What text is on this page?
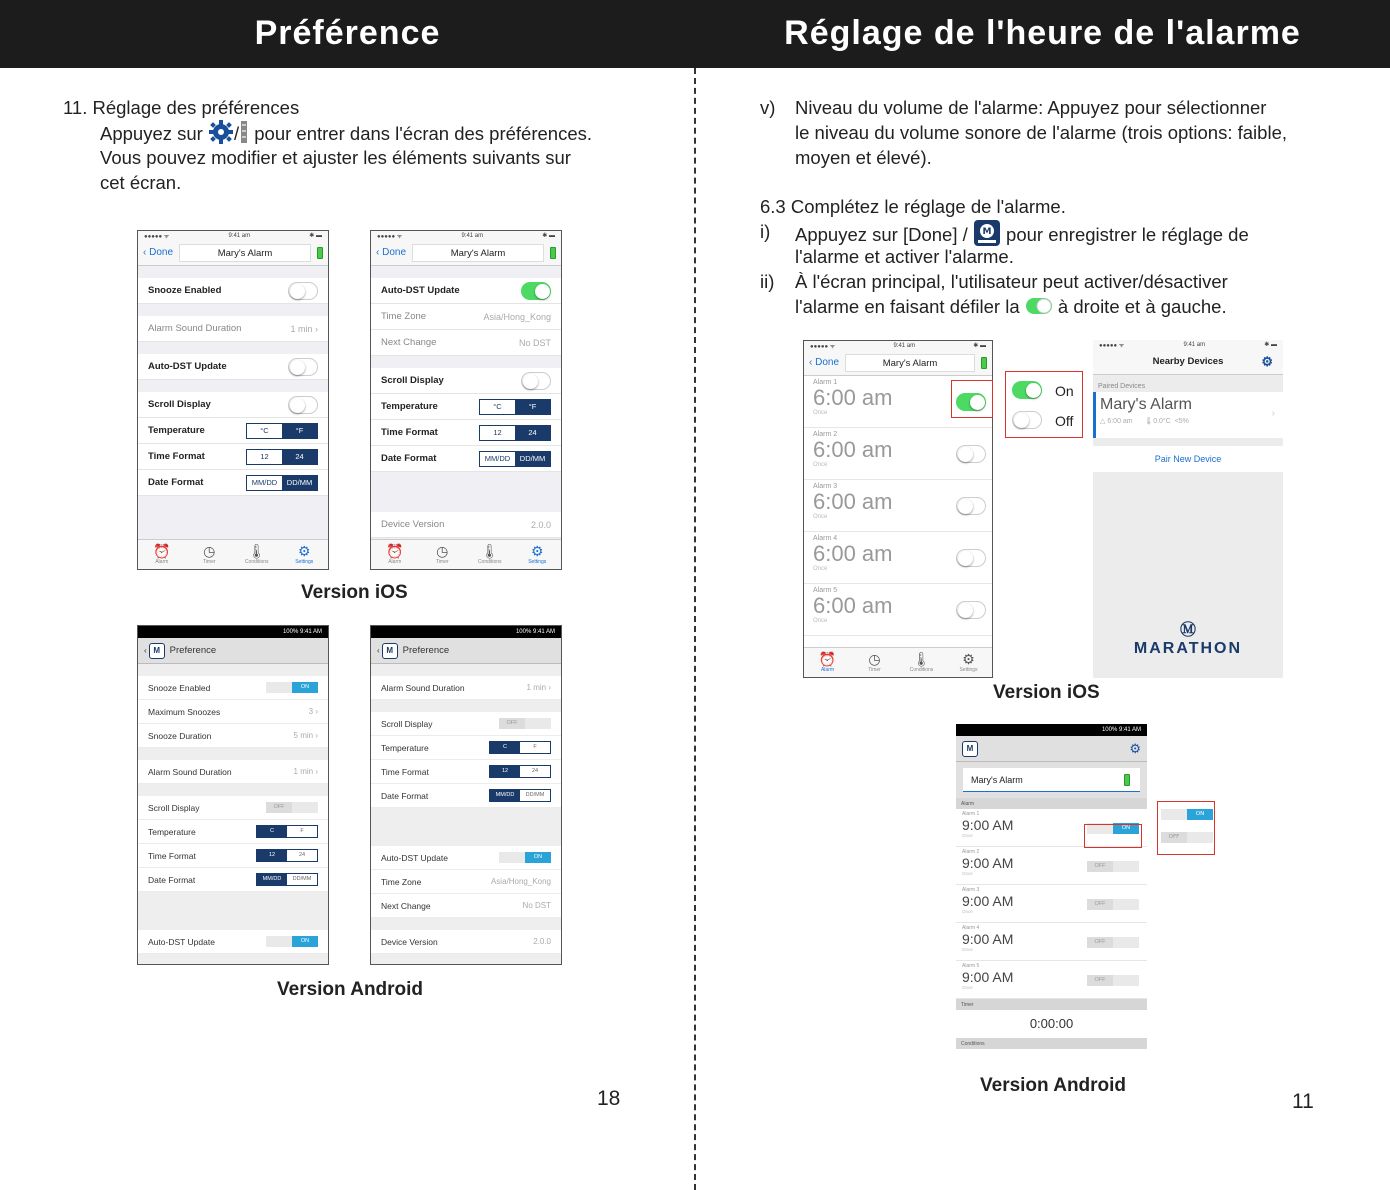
Préférence	Réglage de l'heure de l'alarme
11. Réglage des préférences
Appuyez sur / pour entrer dans l'écran des préférences.
Vous pouvez modifier et ajuster les éléments suivants sur
cet écran.
●●●●● ᯤ	9:41 am	✱ ▬
‹ Done	Mary's Alarm
Snooze Enabled
Alarm Sound Duration	1 min ›
Auto-DST Update
Scroll Display
Temperature	°C	°F
Time Format	12	24
Date Format	MM/DD	DD/MM
⏰
Alarm
◷
Timer
🌡
Conditions
⚙
Settings
●●●●● ᯤ	9:41 am	✱ ▬
‹ Done	Mary's Alarm
Auto-DST Update
Time Zone	Asia/Hong_Kong
Next Change	No DST
Scroll Display
Temperature	°C	°F
Time Format	12	24
Date Format	MM/DD	DD/MM
Device Version	2.0.0
⏰
Alarm
◷
Timer
🌡
Conditions
⚙
Settings
Version iOS
100% 9:41 AM
‹ M	Preference
Snooze Enabled	ON
Maximum Snoozes	3 ›
Snooze Duration	5 min ›
Alarm Sound Duration	1 min ›
Scroll Display	OFF
Temperature	C	F
Time Format	12	24
Date Format	MM/DD	DD/MM
Auto-DST Update	ON
100% 9:41 AM
‹ M	Preference
Alarm Sound Duration	1 min ›
Scroll Display	OFF
Temperature	C	F
Time Format	12	24
Date Format	MM/DD	DD/MM
Auto-DST Update	ON
Time Zone	Asia/Hong_Kong
Next Change	No DST
Device Version	2.0.0
Version Android
18
v) Niveau du volume de l'alarme: Appuyez pour sélectionner
le niveau du volume sonore de l'alarme (trois options: faible,
moyen et élevé).
6.3 Complétez le réglage de l'alarme.
i) Appuyez sur [Done] / M pour enregistrer le réglage de
l'alarme et activer l'alarme.
ii) À l'écran principal, l'utilisateur peut activer/désactiver
l'alarme en faisant défiler la à droite et à gauche.
●●●●● ᯤ	9:41 am	✱ ▬
‹ Done	Mary's Alarm
Alarm 1
6:00 am
Once
Alarm 2
6:00 am
Once
Alarm 3
6:00 am
Once
Alarm 4
6:00 am
Once
Alarm 5
6:00 am
Once
⏰
Alarm
◷
Timer
🌡
Conditions
⚙
Settings
On
Off
●●●●● ᯤ	9:41 am	✱ ▬
Nearby Devices	⚙
Paired Devices
Mary's Alarm
△ 6:00 am 🌡0.0°C <5%
›
Pair New Device
Ⓜ
MARATHON
Version iOS
100% 9:41 AM
M	⚙
Mary's Alarm
Alarm
Alarm 1
9:00 AM
Once
ON
Alarm 2
9:00 AM
Once
OFF
Alarm 3
9:00 AM
Once
OFF
Alarm 4
9:00 AM
Once
OFF
Alarm 5
9:00 AM
Once
OFF
Timer
0:00:00
Conditions
ON
OFF
Version Android
11
